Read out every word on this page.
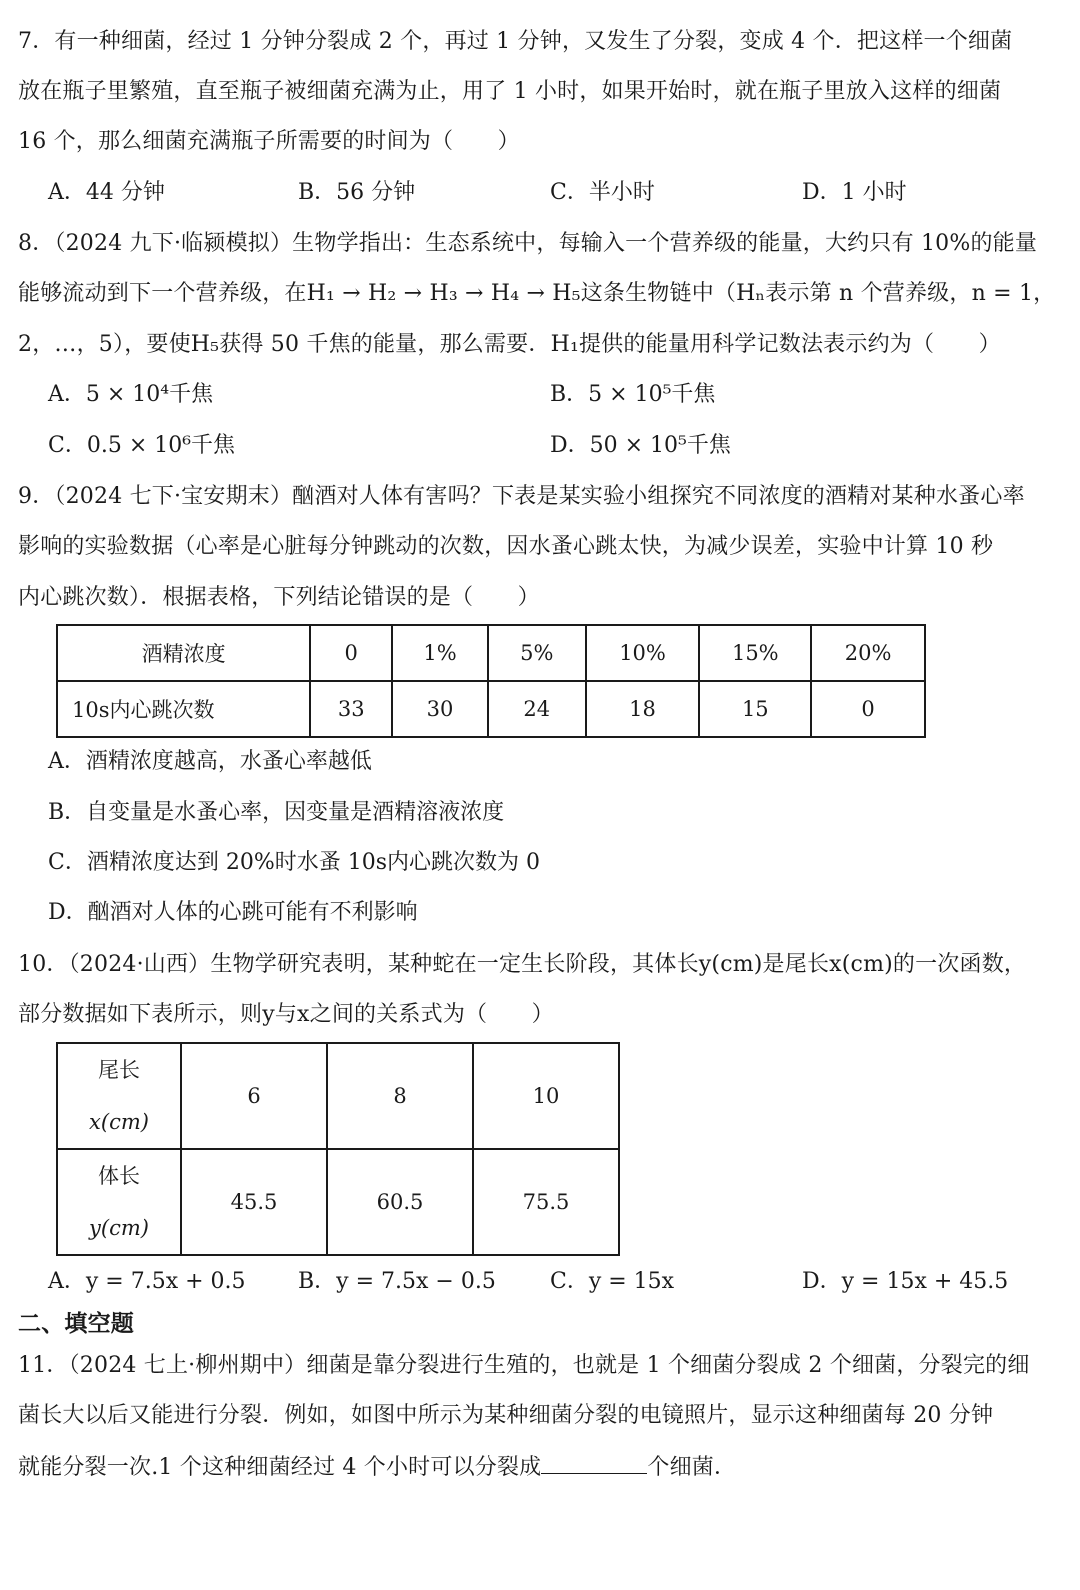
7．有一种细菌，经过 1 分钟分裂成 2 个，再过 1 分钟，又发生了分裂，变成 4 个．把这样一个细菌
放在瓶子里繁殖，直至瓶子被细菌充满为止，用了 1 小时，如果开始时，就在瓶子里放入这样的细菌
16 个，那么细菌充满瓶子所需要的时间为（　　）
A．44 分钟	B．56 分钟	C．半小时	D．1 小时
8．（2024 九下·临颍模拟）生物学指出：生态系统中，每输入一个营养级的能量，大约只有 10%的能量
能够流动到下一个营养级，在H₁ → H₂ → H₃ → H₄ → H₅这条生物链中（Hₙ表示第 n 个营养级，n = 1，
2，…，5），要使H₅获得 50 千焦的能量，那么需要．H₁提供的能量用科学记数法表示约为（　　）
A．5 × 10⁴千焦	B．5 × 10⁵千焦
C．0.5 × 10⁶千焦	D．50 × 10⁵千焦
9．（2024 七下·宝安期末）酗酒对人体有害吗？下表是某实验小组探究不同浓度的酒精对某种水蚤心率
影响的实验数据（心率是心脏每分钟跳动的次数，因水蚤心跳太快，为减少误差，实验中计算 10 秒
内心跳次数）．根据表格，下列结论错误的是（　　）
酒精浓度	0	1%	5%	10%	15%	20%
10s内心跳次数	33	30	24	18	15	0
A．酒精浓度越高，水蚤心率越低
B．自变量是水蚤心率，因变量是酒精溶液浓度
C．酒精浓度达到 20%时水蚤 10s内心跳次数为 0
D．酗酒对人体的心跳可能有不利影响
10．（2024·山西）生物学研究表明，某种蛇在一定生长阶段，其体长y(cm)是尾长x(cm)的一次函数，
部分数据如下表所示，则y与x之间的关系式为（　　）
尾长
x(cm)	6	8	10

体长
y(cm)	45.5	60.5	75.5
A．y = 7.5x + 0.5 B．y = 7.5x − 0.5 C．y = 15x	D．y = 15x + 45.5
二、填空题
11．（2024 七上·柳州期中）细菌是靠分裂进行生殖的，也就是 1 个细菌分裂成 2 个细菌，分裂完的细
菌长大以后又能进行分裂．例如，如图中所示为某种细菌分裂的电镜照片，显示这种细菌每 20 分钟
就能分裂一次.1 个这种细菌经过 4 个小时可以分裂成	个细菌．
